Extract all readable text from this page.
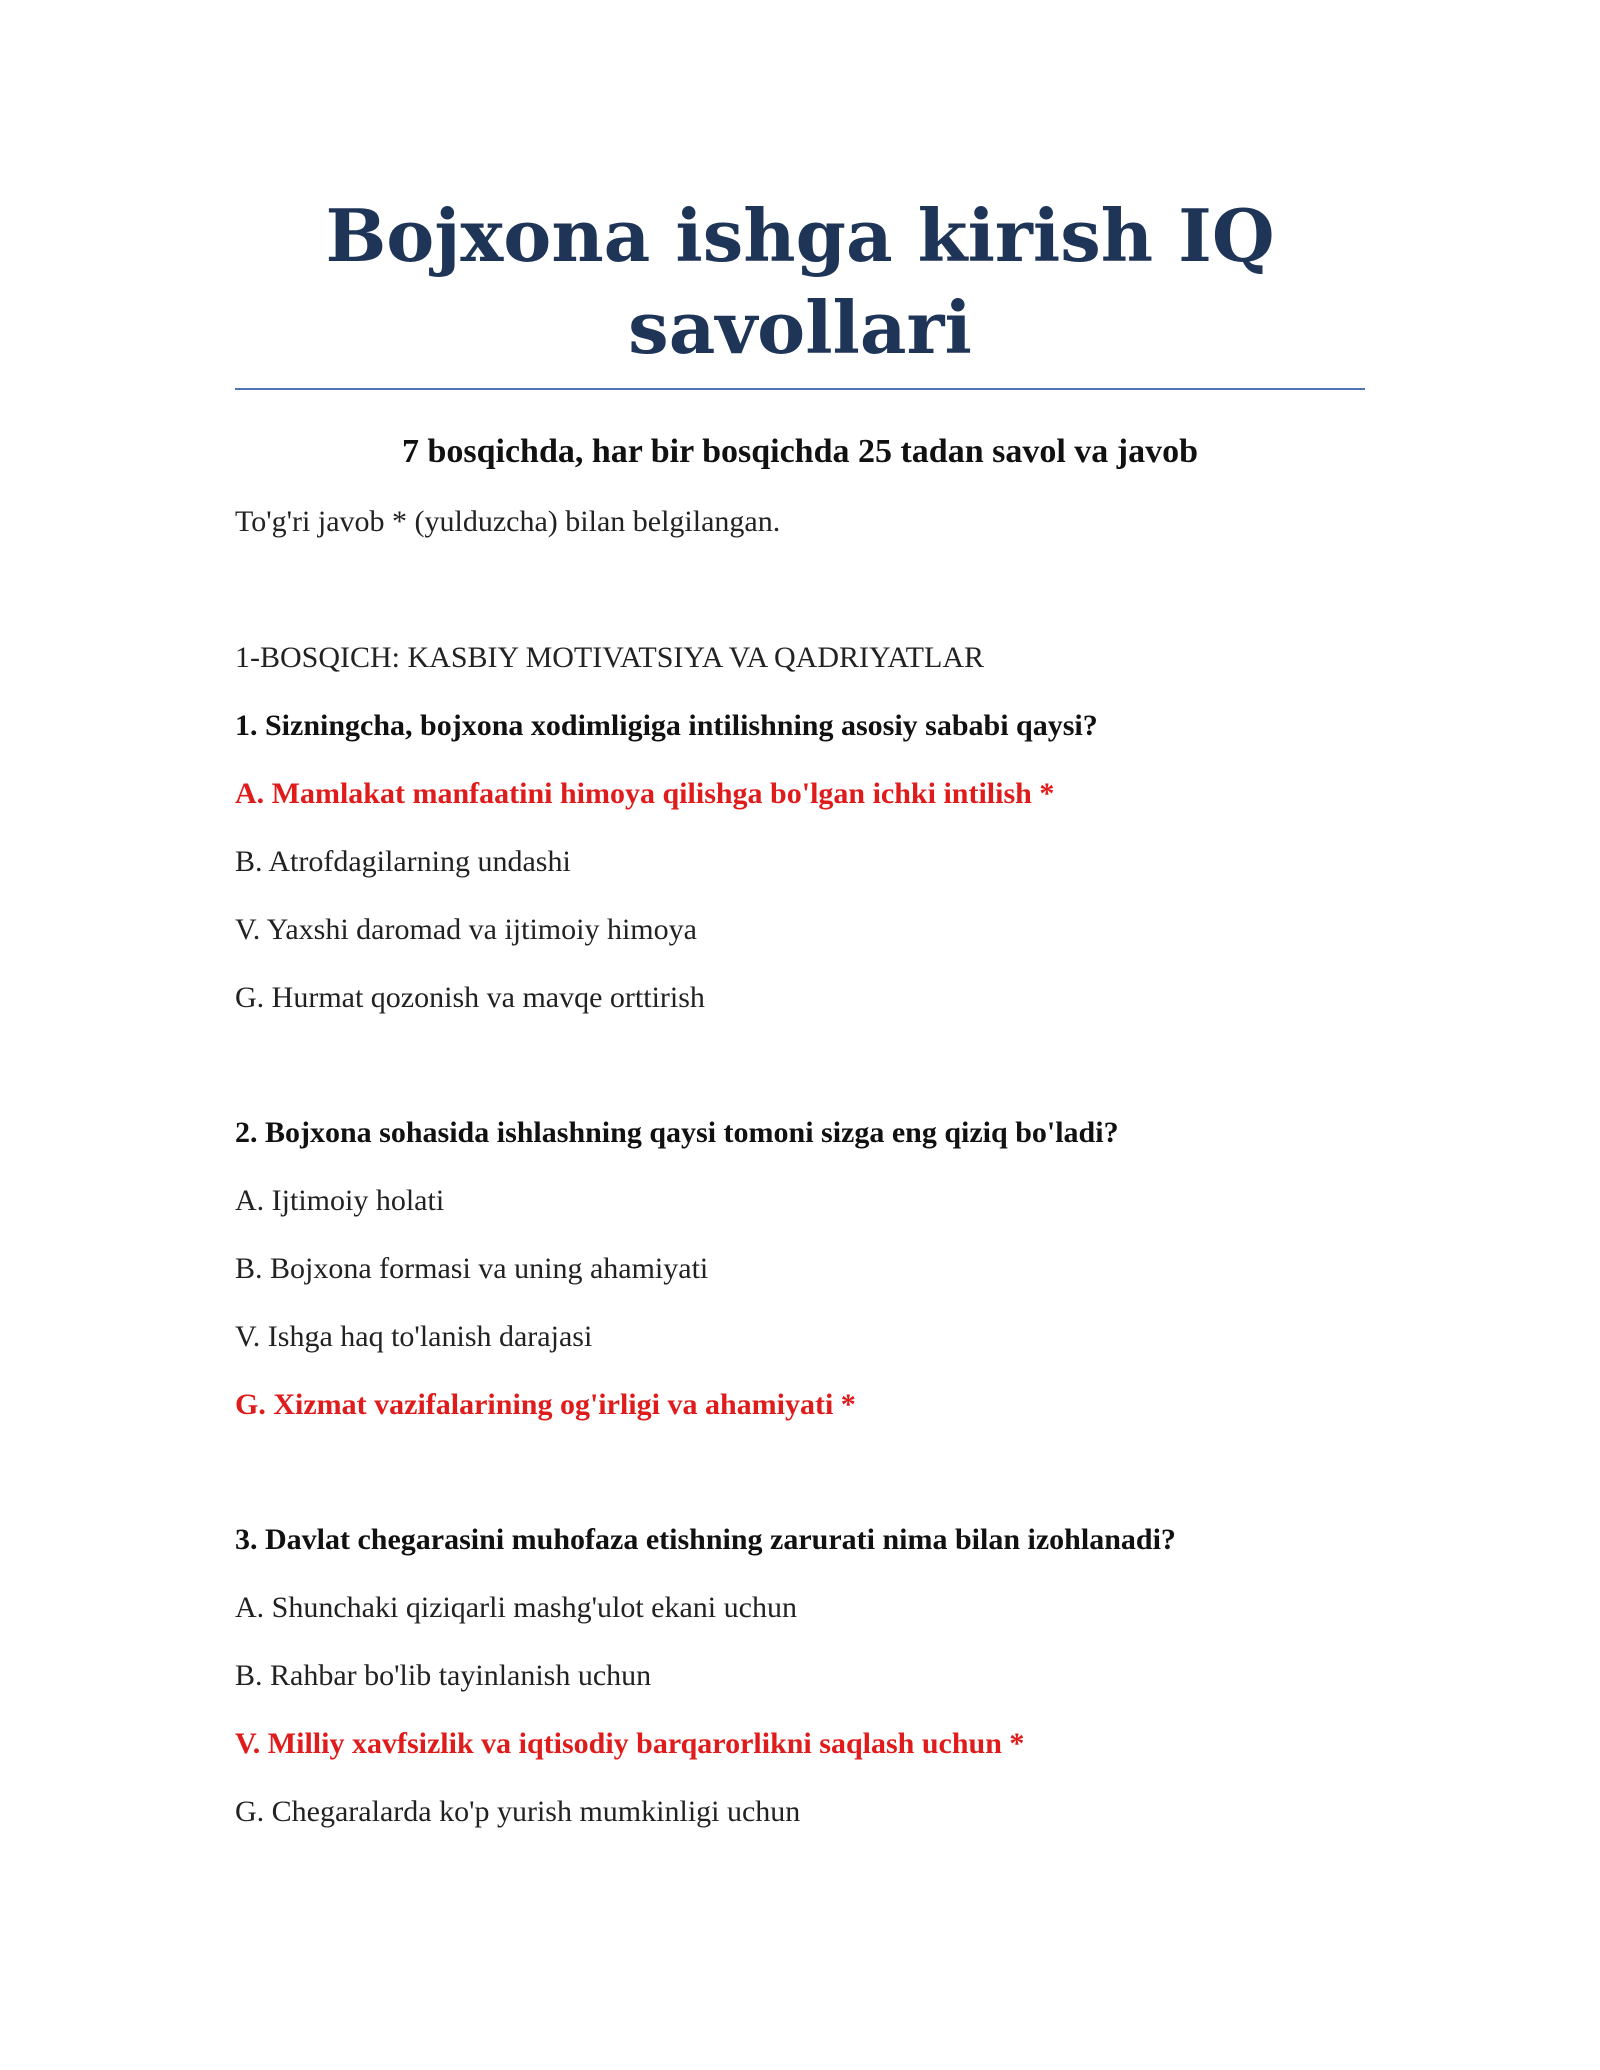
Bojxona ishga kirish IQ savollari
7 bosqichda, har bir bosqichda 25 tadan savol va javob
To'g'ri javob * (yulduzcha) bilan belgilangan.
1-BOSQICH: KASBIY MOTIVATSIYA VA QADRIYATLAR
1. Sizningcha, bojxona xodimligiga intilishning asosiy sababi qaysi?
A. Mamlakat manfaatini himoya qilishga bo'lgan ichki intilish *
B. Atrofdagilarning undashi
V. Yaxshi daromad va ijtimoiy himoya
G. Hurmat qozonish va mavqe orttirish
2. Bojxona sohasida ishlashning qaysi tomoni sizga eng qiziq bo'ladi?
A. Ijtimoiy holati
B. Bojxona formasi va uning ahamiyati
V. Ishga haq to'lanish darajasi
G. Xizmat vazifalarining og'irligi va ahamiyati *
3. Davlat chegarasini muhofaza etishning zarurati nima bilan izohlanadi?
A. Shunchaki qiziqarli mashg'ulot ekani uchun
B. Rahbar bo'lib tayinlanish uchun
V. Milliy xavfsizlik va iqtisodiy barqarorlikni saqlash uchun *
G. Chegaralarda ko'p yurish mumkinligi uchun
